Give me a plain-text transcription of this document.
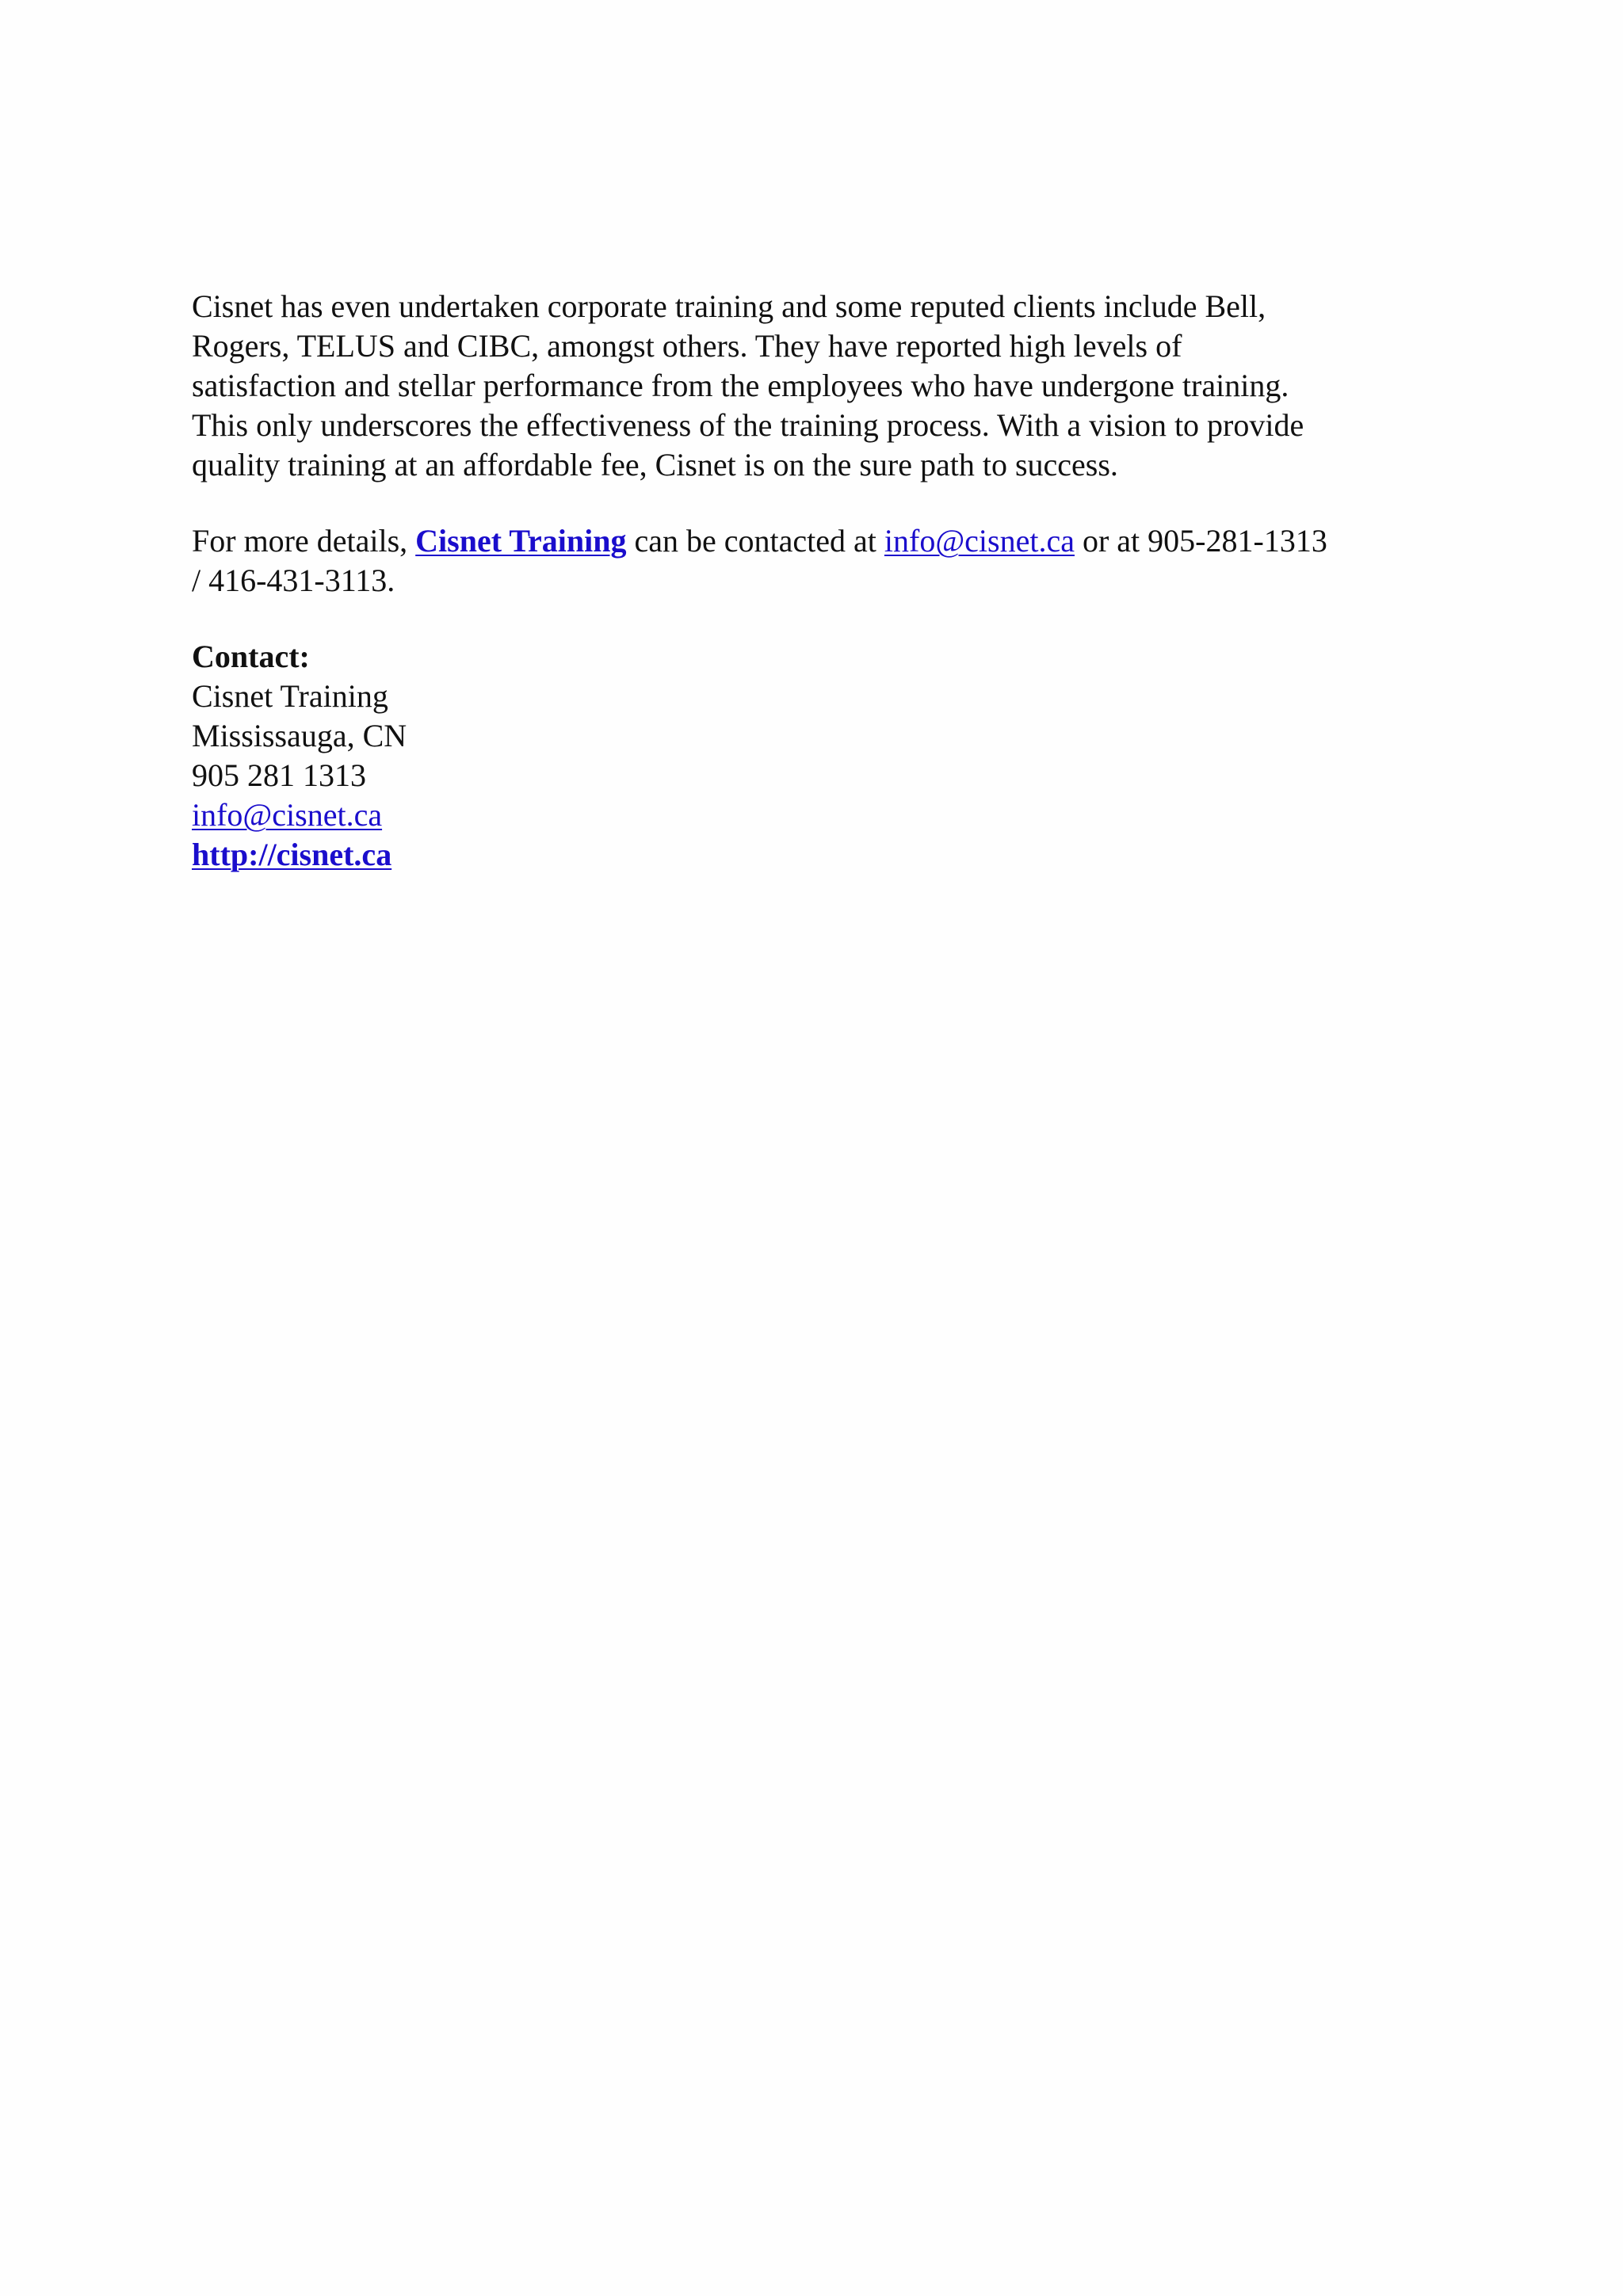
Cisnet has even undertaken corporate training and some reputed clients include Bell,
Rogers, TELUS and CIBC, amongst others. They have reported high levels of
satisfaction and stellar performance from the employees who have undergone training.
This only underscores the effectiveness of the training process. With a vision to provide
quality training at an affordable fee, Cisnet is on the sure path to success.

For more details, Cisnet Training can be contacted at info@cisnet.ca or at 905-281-1313
/ 416-431-3113.

Contact:
Cisnet Training
Mississauga, CN
905 281 1313
info@cisnet.ca
http://cisnet.ca
